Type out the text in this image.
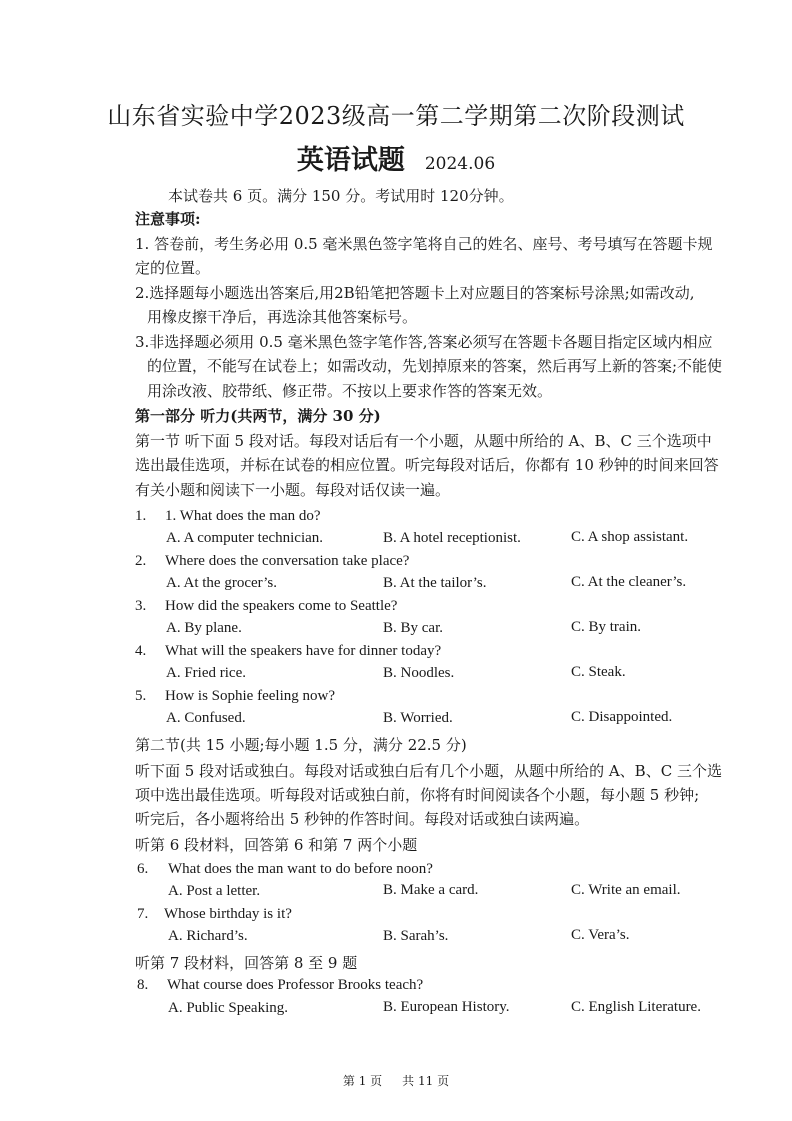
山东省实验中学2023级高一第二学期第二次阶段测试
英语试题 2024.06
本试卷共 6 页。满分 150 分。考试用时 120分钟。
注意事项:
1. 答卷前，考生务必用 0.5 毫米黑色签字笔将自己的姓名、座号、考号填写在答题卡规
定的位置。
2.选择题每小题选出答案后,用2B铅笔把答题卡上对应题目的答案标号涂黑;如需改动,
用橡皮擦干净后，再选涂其他答案标号。
3.非选择题必须用 0.5 毫米黑色签字笔作答,答案必须写在答题卡各题目指定区域内相应
的位置，不能写在试卷上；如需改动，先划掉原来的答案，然后再写上新的答案;不能使
用涂改液、胶带纸、修正带。不按以上要求作答的答案无效。
第一部分 听力(共两节，满分 30 分)
第一节 听下面 5 段对话。每段对话后有一个小题，从题中所给的 A、B、C 三个选项中
选出最佳选项，并标在试卷的相应位置。听完每段对话后，你都有 10 秒钟的时间来回答
有关小题和阅读下一小题。每段对话仅读一遍。
1. 1. What does the man do?
A. A computer technician.	B. A hotel receptionist.	C. A shop assistant.
2. Where does the conversation take place?
A. At the grocer’s.	B. At the tailor’s.	C. At the cleaner’s.
3. How did the speakers come to Seattle?
A. By plane.	B. By car.	C. By train.
4. What will the speakers have for dinner today?
A. Fried rice.	B. Noodles.	C. Steak.
5. How is Sophie feeling now?
A. Confused.	B. Worried.	C. Disappointed.
第二节(共 15 小题;每小题 1.5 分，满分 22.5 分)
听下面 5 段对话或独白。每段对话或独白后有几个小题，从题中所给的 A、B、C 三个选
项中选出最佳选项。听每段对话或独白前，你将有时间阅读各个小题，每小题 5 秒钟;
听完后，各小题将给出 5 秒钟的作答时间。每段对话或独白读两遍。
听第 6 段材料，回答第 6 和第 7 两个小题
6. What does the man want to do before noon?
A. Post a letter.	B. Make a card.	C. Write an email.
7. Whose birthday is it?
A. Richard’s.	B. Sarah’s.	C. Vera’s.
听第 7 段材料，回答第 8 至 9 题
8. What course does Professor Brooks teach?
A. Public Speaking.	B. European History.	C. English Literature.
第 1 页 共 11 页
